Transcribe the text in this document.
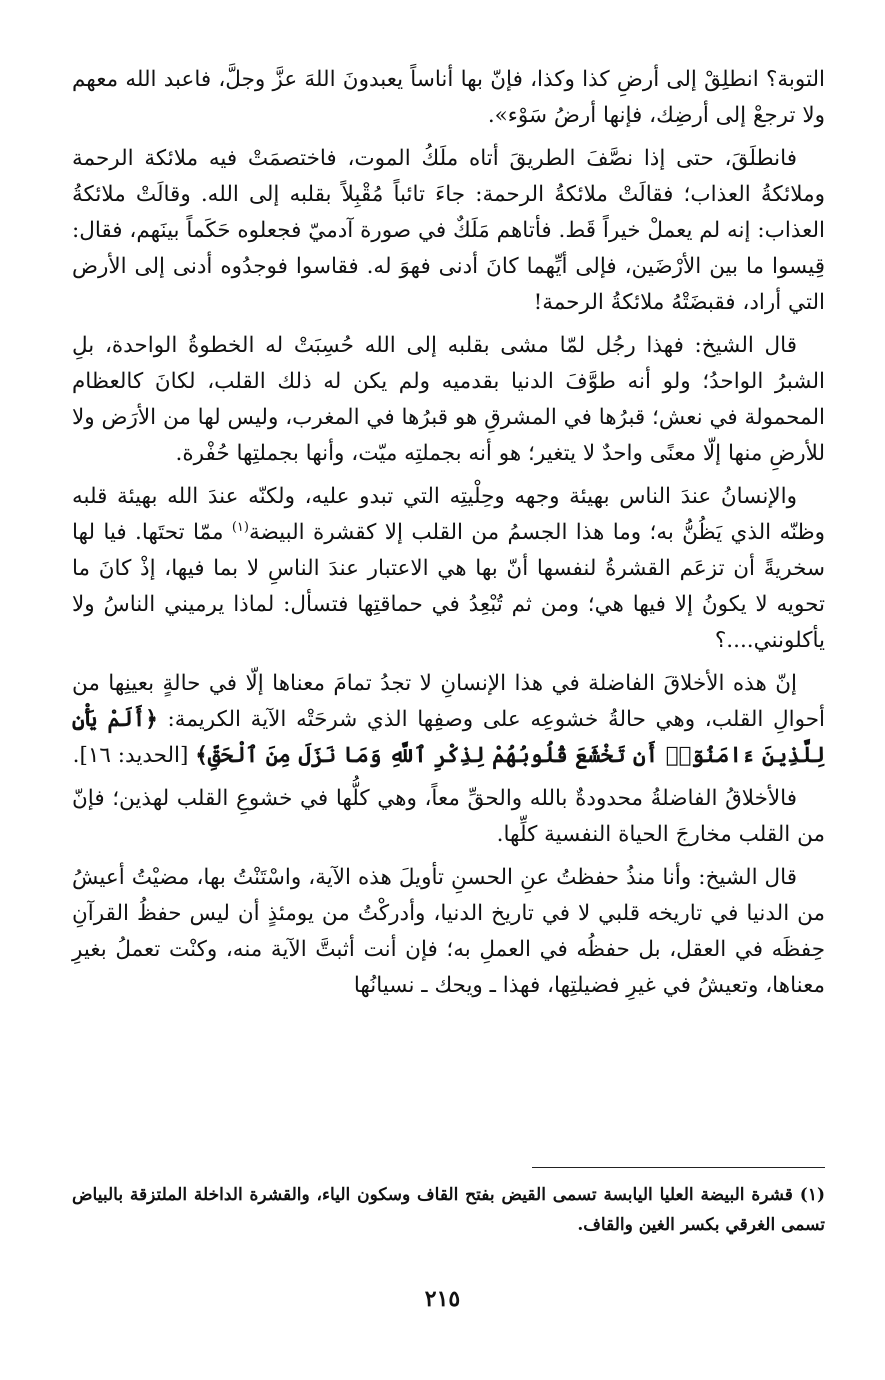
التوبة؟ انطلِقْ إلى أرضِ كذا وكذا، فإنّ بها أناساً يعبدونَ اللهَ عزَّ وجلَّ، فاعبد الله معهم ولا ترجعْ إلى أرضِك، فإنها أرضُ سَوْء».

فانطلَقَ، حتى إذا نصَّفَ الطريقَ أتاه ملَكُ الموت، فاختصمَتْ فيه ملائكة الرحمة وملائكةُ العذاب؛ فقالَتْ ملائكةُ الرحمة: جاءَ تائباً مُقْبِلاً بقلبه إلى الله. وقالَتْ ملائكةُ العذاب: إنه لم يعملْ خيراً قَط. فأتاهم مَلَكٌ في صورة آدميّ فجعلوه حَكَماً بينَهم، فقال: قِيسوا ما بين الأرْضَين، فإلى أيِّهما كانَ أدنى فهوَ له. فقاسوا فوجدُوه أدنى إلى الأرض التي أراد، فقبضَتْهُ ملائكةُ الرحمة!

قال الشيخ: فهذا رجُل لمّا مشى بقلبه إلى الله حُسِبَتْ له الخطوةُ الواحدة، بلِ الشبرُ الواحدُ؛ ولو أنه طوَّفَ الدنيا بقدميه ولم يكن له ذلك القلب، لكانَ كالعظام المحمولة في نعش؛ قبرُها في المشرقِ هو قبرُها في المغرب، وليس لها من الأرَض ولا للأرضِ منها إلّا معنًى واحدٌ لا يتغير؛ هو أنه بجملتِه ميّت، وأنها بجملتِها حُفْرة.

والإنسانُ عندَ الناس بهيئة وجهه وحِلْيتِه التي تبدو عليه، ولكنّه عندَ الله بهيئة قلبه وظنّه الذي يَظُنُّ به؛ وما هذا الجسمُ من القلب إلا كقشرة البيضة$^{(١)}$ ممّا تحتَها. فيا لها سخريةً أن تزعَم القشرةُ لنفسها أنّ بها هي الاعتبار عندَ الناسِ لا بما فيها، إذْ كانَ ما تحويه لا يكونُ إلا فيها هي؛ ومن ثم تُبْعِدُ في حماقتِها فتسأل: لماذا يرميني الناسُ ولا يأكلونني....؟

إنّ هذه الأخلاقَ الفاضلة في هذا الإنسانِ لا تجدُ تمامَ معناها إلّا في حالةٍ بعينِها من أحوالِ القلب، وهي حالةُ خشوعِه على وصفِها الذي شرحَتْه الآية الكريمة: ﴿أَلَمْ يَأْنِ لِلَّذِينَ ءَامَنُوٓا۟ أَن تَخْشَعَ قُلُوبُهُمْ لِذِكْرِ ٱللَّهِ وَمَا نَزَلَ مِنَ ٱلْحَقِّ﴾ [الحديد: ١٦].

فالأخلاقُ الفاضلةُ محدودةٌ بالله والحقِّ معاً، وهي كلُّها في خشوعِ القلب لهذين؛ فإنّ من القلب مخارجَ الحياة النفسية كلِّها.

قال الشيخ: وأنا منذُ حفظتُ عنِ الحسنِ تأويلَ هذه الآية، واسْتَنْتُ بها، مضيْتُ أعيشُ من الدنيا في تاريخه قلبي لا في تاريخ الدنيا، وأدركْتُ من يومئذٍ أن ليس حفظُ القرآنِ حِفظَه في العقل، بل حفظُه في العملِ به؛ فإن أنت أثبتَّ الآية منه، وكنْت تعملُ بغيرِ معناها، وتعيشُ في غيرِ فضيلتِها، فهذا ـ ويحك ـ نسيانُها

(١) قشرة البيضة العليا اليابسة تسمى القيض بفتح القاف وسكون الياء، والقشرة الداخلة الملتزقة بالبياض تسمى الغرقي بكسر الغين والقاف.
٢١٥
